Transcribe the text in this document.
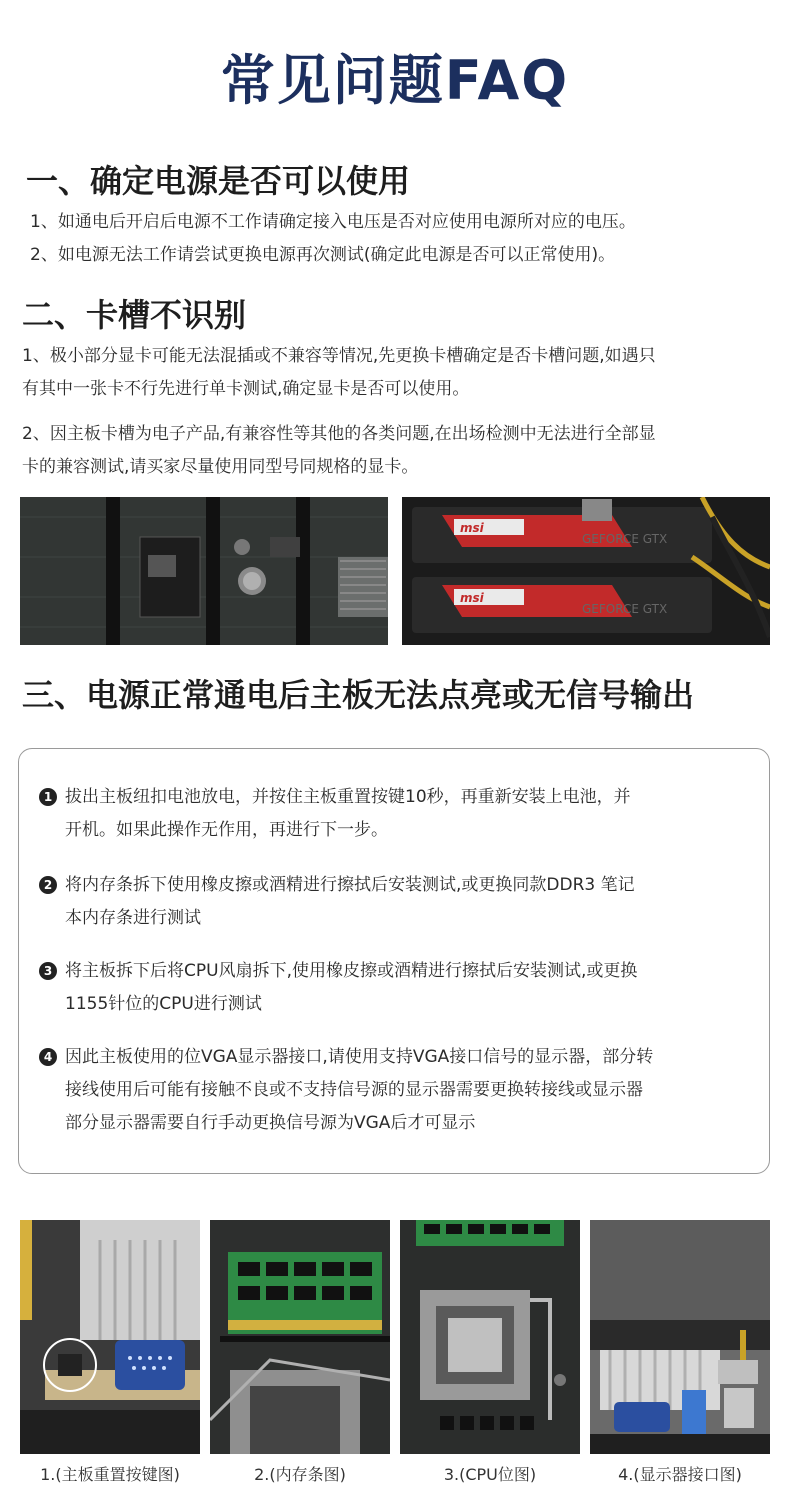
常见问题FAQ
一、确定电源是否可以使用
1、如通电后开启后电源不工作请确定接入电压是否对应使用电源所对应的电压。
2、如电源无法工作请尝试更换电源再次测试(确定此电源是否可以正常使用)。
二、卡槽不识别
1、极小部分显卡可能无法混插或不兼容等情况,先更换卡槽确定是否卡槽问题,如遇只
有其中一张卡不行先进行单卡测试,确定显卡是否可以使用。
2、因主板卡槽为电子产品,有兼容性等其他的各类问题,在出场检测中无法进行全部显
卡的兼容测试,请买家尽量使用同型号同规格的显卡。
msi
GEFORCE GTX
msi
GEFORCE GTX
三、电源正常通电后主板无法点亮或无信号输出
1 拔出主板纽扣电池放电，并按住主板重置按键10秒，再重新安装上电池，并
开机。如果此操作无作用，再进行下一步。
2 将内存条拆下使用橡皮擦或酒精进行擦拭后安装测试,或更换同款DDR3 笔记
本内存条进行测试
3 将主板拆下后将CPU风扇拆下,使用橡皮擦或酒精进行擦拭后安装测试,或更换
1155针位的CPU进行测试
4 因此主板使用的位VGA显示器接口,请使用支持VGA接口信号的显示器，部分转
接线使用后可能有接触不良或不支持信号源的显示器需要更换转接线或显示器
部分显示器需要自行手动更换信号源为VGA后才可显示
1.(主板重置按键图)	2.(内存条图)	3.(CPU位图)	4.(显示器接口图)
